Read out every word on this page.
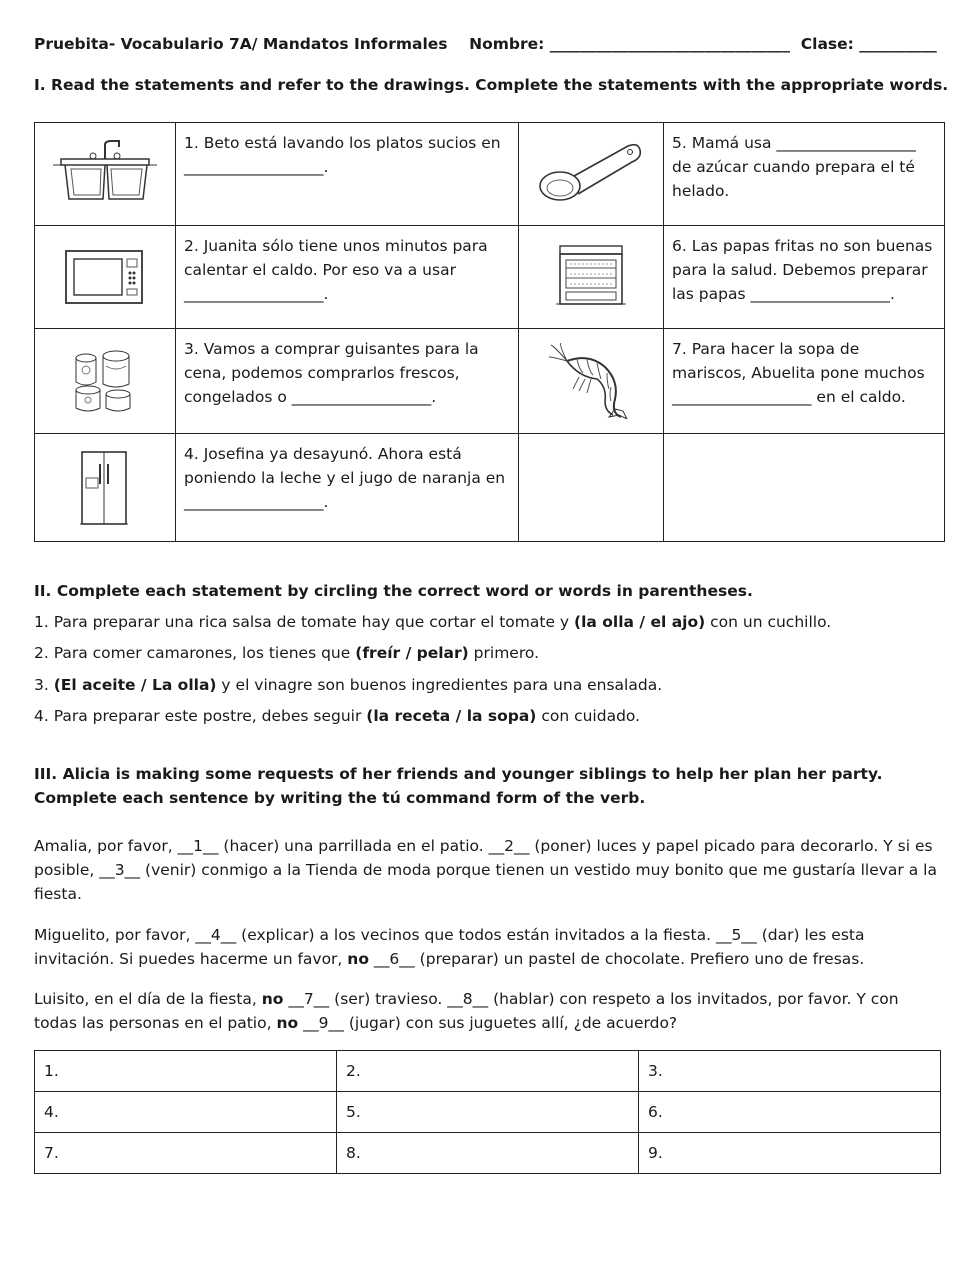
Pruebita- Vocabulario 7A/ Mandatos Informales Nombre: _______________________________ Clase: __________
I. Read the statements and refer to the drawings. Complete the statements with the appropriate words.
	1. Beto está lavando los platos sucios en __________________.		5. Mamá usa __________________ de azúcar cuando prepara el té helado.

	2. Juanita sólo tiene unos minutos para calentar el caldo. Por eso va a usar __________________.		6. Las papas fritas no son buenas para la salud. Debemos preparar las papas __________________.

	3. Vamos a comprar guisantes para la cena, podemos comprarlos frescos, congelados o __________________.		7. Para hacer la sopa de mariscos, Abuelita pone muchos __________________ en el caldo.

	4. Josefina ya desayunó. Ahora está poniendo la leche y el jugo de naranja en __________________.		
II. Complete each statement by circling the correct word or words in parentheses.
1. Para preparar una rica salsa de tomate hay que cortar el tomate y (la olla / el ajo) con un cuchillo.
2. Para comer camarones, los tienes que (freír / pelar) primero.
3. (El aceite / La olla) y el vinagre son buenos ingredientes para una ensalada.
4. Para preparar este postre, debes seguir (la receta / la sopa) con cuidado.
III. Alicia is making some requests of her friends and younger siblings to help her plan her party. Complete each sentence by writing the tú command form of the verb.
Amalia, por favor, __1__ (hacer) una parrillada en el patio. __2__ (poner) luces y papel picado para decorarlo. Y si es posible, __3__ (venir) conmigo a la Tienda de moda porque tienen un vestido muy bonito que me gustaría llevar a la fiesta.
Miguelito, por favor, __4__ (explicar) a los vecinos que todos están invitados a la fiesta. __5__ (dar) les esta invitación. Si puedes hacerme un favor, no __6__ (preparar) un pastel de chocolate. Prefiero uno de fresas.
Luisito, en el día de la fiesta, no __7__ (ser) travieso. __8__ (hablar) con respeto a los invitados, por favor. Y con todas las personas en el patio, no __9__ (jugar) con sus juguetes allí, ¿de acuerdo?
1.	2.	3.
4.	5.	6.
7.	8.	9.
